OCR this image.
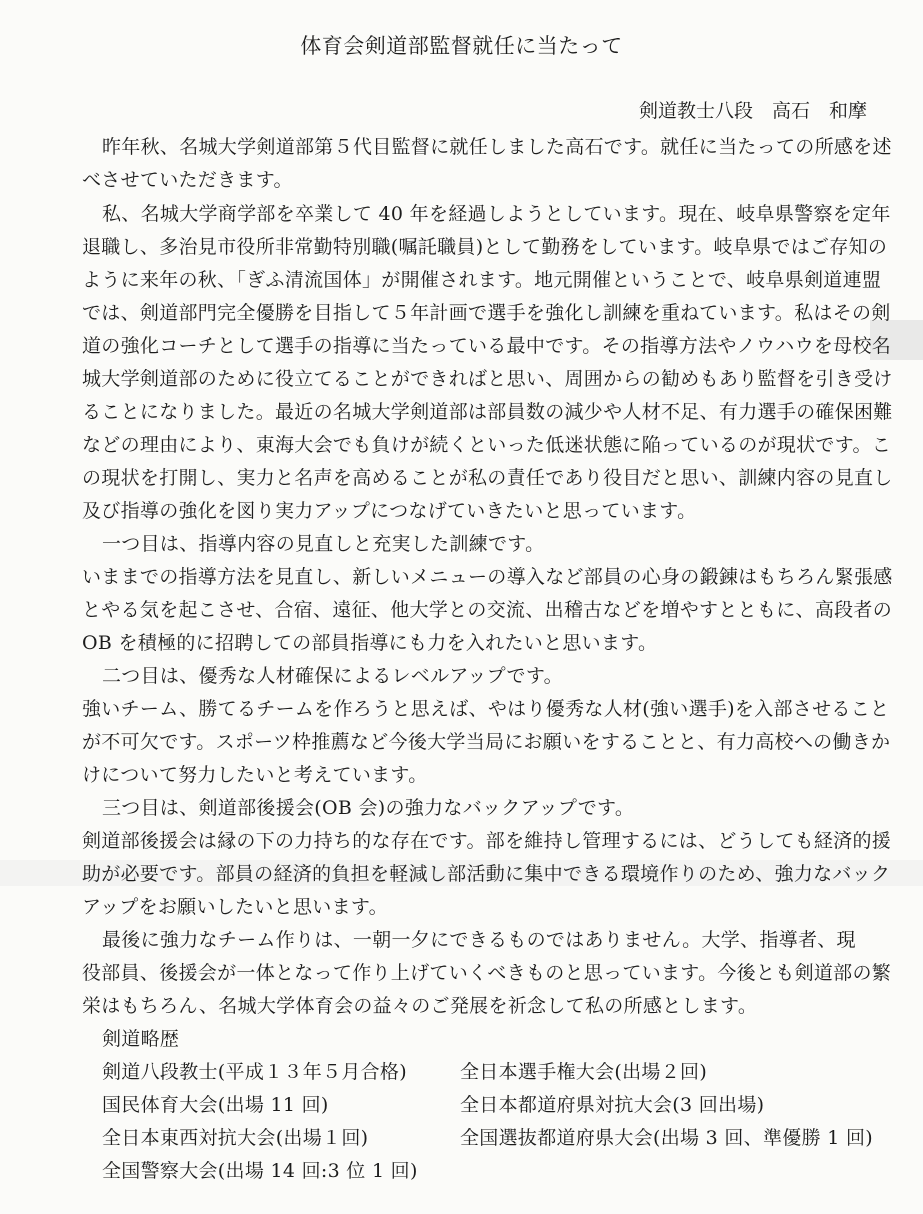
体育会剣道部監督就任に当たって
剣道教士八段　高石　和摩
昨年秋、名城大学剣道部第５代目監督に就任しました高石です。就任に当たっての所感を述
べさせていただきます。
私、名城大学商学部を卒業して 40 年を経過しようとしています。現在、岐阜県警察を定年
退職し、多治見市役所非常勤特別職(嘱託職員)として勤務をしています。岐阜県ではご存知の
ように来年の秋、「ぎふ清流国体」が開催されます。地元開催ということで、岐阜県剣道連盟
では、剣道部門完全優勝を目指して５年計画で選手を強化し訓練を重ねています。私はその剣
道の強化コーチとして選手の指導に当たっている最中です。その指導方法やノウハウを母校名
城大学剣道部のために役立てることができればと思い、周囲からの勧めもあり監督を引き受け
ることになりました。最近の名城大学剣道部は部員数の減少や人材不足、有力選手の確保困難
などの理由により、東海大会でも負けが続くといった低迷状態に陥っているのが現状です。こ
の現状を打開し、実力と名声を高めることが私の責任であり役目だと思い、訓練内容の見直し
及び指導の強化を図り実力アップにつなげていきたいと思っています。
一つ目は、指導内容の見直しと充実した訓練です。
いままでの指導方法を見直し、新しいメニューの導入など部員の心身の鍛錬はもちろん緊張感
とやる気を起こさせ、合宿、遠征、他大学との交流、出稽古などを増やすとともに、高段者の
OB を積極的に招聘しての部員指導にも力を入れたいと思います。
二つ目は、優秀な人材確保によるレベルアップです。
強いチーム、勝てるチームを作ろうと思えば、やはり優秀な人材(強い選手)を入部させること
が不可欠です。スポーツ枠推薦など今後大学当局にお願いをすることと、有力高校への働きか
けについて努力したいと考えています。
三つ目は、剣道部後援会(OB 会)の強力なバックアップです。
剣道部後援会は縁の下の力持ち的な存在です。部を維持し管理するには、どうしても経済的援
助が必要です。部員の経済的負担を軽減し部活動に集中できる環境作りのため、強力なバック
アップをお願いしたいと思います。
最後に強力なチーム作りは、一朝一夕にできるものではありません。大学、指導者、現
役部員、後援会が一体となって作り上げていくべきものと思っています。今後とも剣道部の繁
栄はもちろん、名城大学体育会の益々のご発展を祈念して私の所感とします。
剣道略歴
剣道八段教士(平成１３年５月合格)
国民体育大会(出場 11 回)
全日本東西対抗大会(出場１回)
全国警察大会(出場 14 回:3 位 1 回)
全日本選手権大会(出場２回)
全日本都道府県対抗大会(3 回出場)
全国選抜都道府県大会(出場 3 回、準優勝 1 回)
